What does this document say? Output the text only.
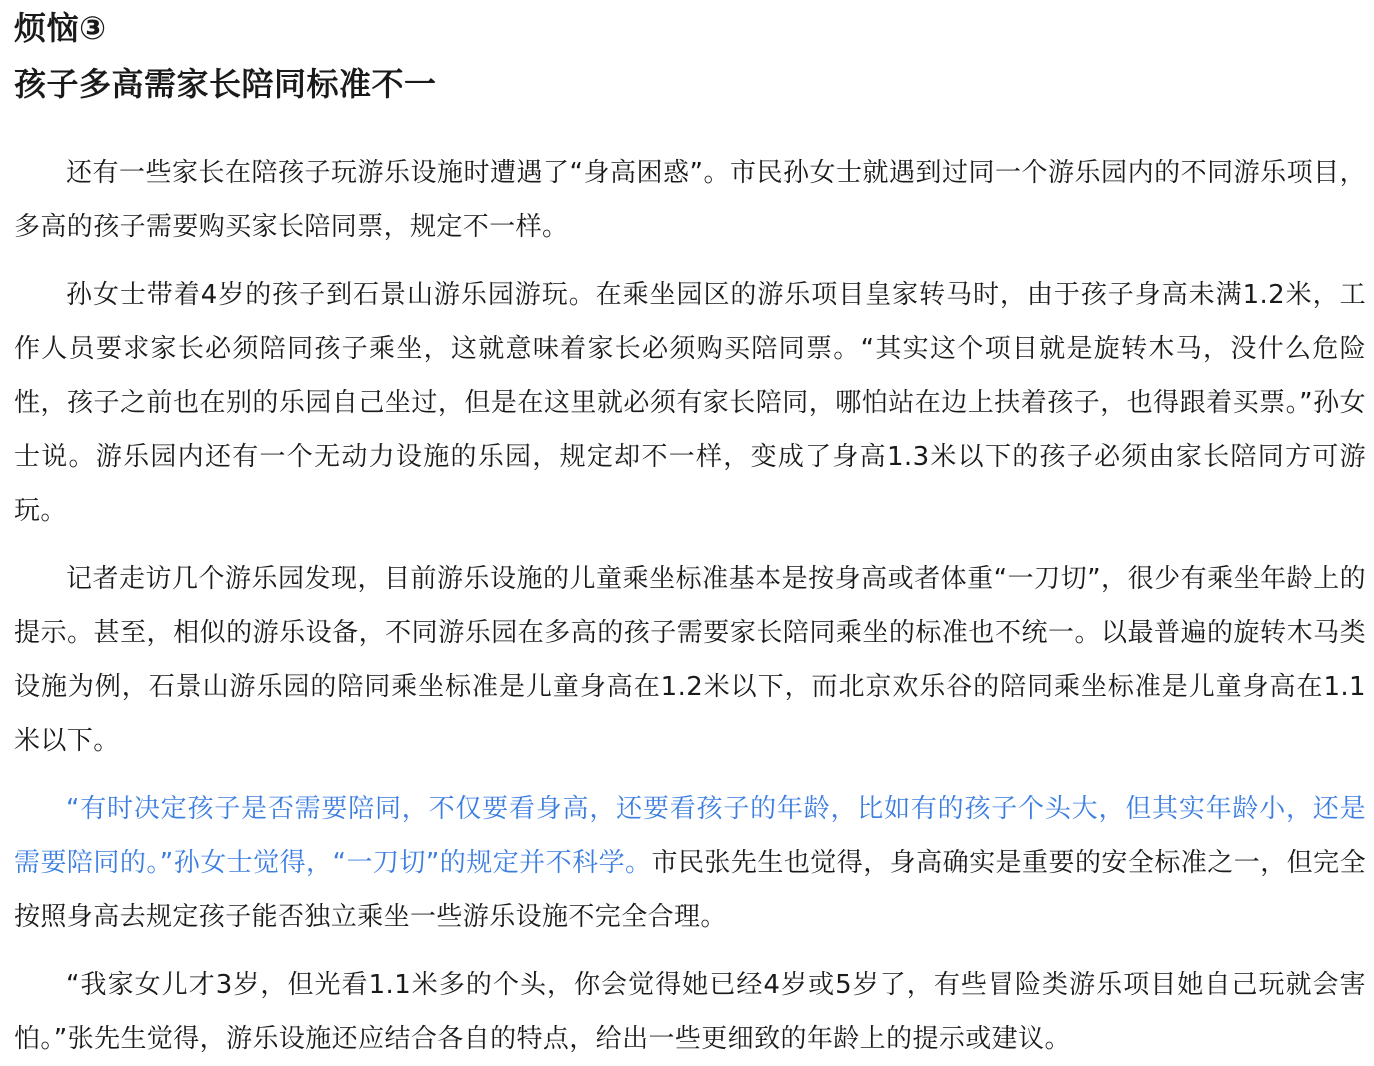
烦恼③
孩子多高需家长陪同标准不一

还有一些家长在陪孩子玩游乐设施时遭遇了“身高困惑”。市民孙女士就遇到过同一个游乐园内的不同游乐项目，多高的孩子需要购买家长陪同票，规定不一样。

孙女士带着4岁的孩子到石景山游乐园游玩。在乘坐园区的游乐项目皇家转马时，由于孩子身高未满1.2米，工作人员要求家长必须陪同孩子乘坐，这就意味着家长必须购买陪同票。“其实这个项目就是旋转木马，没什么危险性，孩子之前也在别的乐园自己坐过，但是在这里就必须有家长陪同，哪怕站在边上扶着孩子，也得跟着买票。”孙女士说。游乐园内还有一个无动力设施的乐园，规定却不一样，变成了身高1.3米以下的孩子必须由家长陪同方可游玩。

记者走访几个游乐园发现，目前游乐设施的儿童乘坐标准基本是按身高或者体重“一刀切”，很少有乘坐年龄上的提示。甚至，相似的游乐设备，不同游乐园在多高的孩子需要家长陪同乘坐的标准也不统一。以最普遍的旋转木马类设施为例，石景山游乐园的陪同乘坐标准是儿童身高在1.2米以下，而北京欢乐谷的陪同乘坐标准是儿童身高在1.1米以下。

“有时决定孩子是否需要陪同，不仅要看身高，还要看孩子的年龄，比如有的孩子个头大，但其实年龄小，还是需要陪同的。”孙女士觉得，“一刀切”的规定并不科学。市民张先生也觉得，身高确实是重要的安全标准之一，但完全按照身高去规定孩子能否独立乘坐一些游乐设施不完全合理。

“我家女儿才3岁，但光看1.1米多的个头，你会觉得她已经4岁或5岁了，有些冒险类游乐项目她自己玩就会害怕。”张先生觉得，游乐设施还应结合各自的特点，给出一些更细致的年龄上的提示或建议。
